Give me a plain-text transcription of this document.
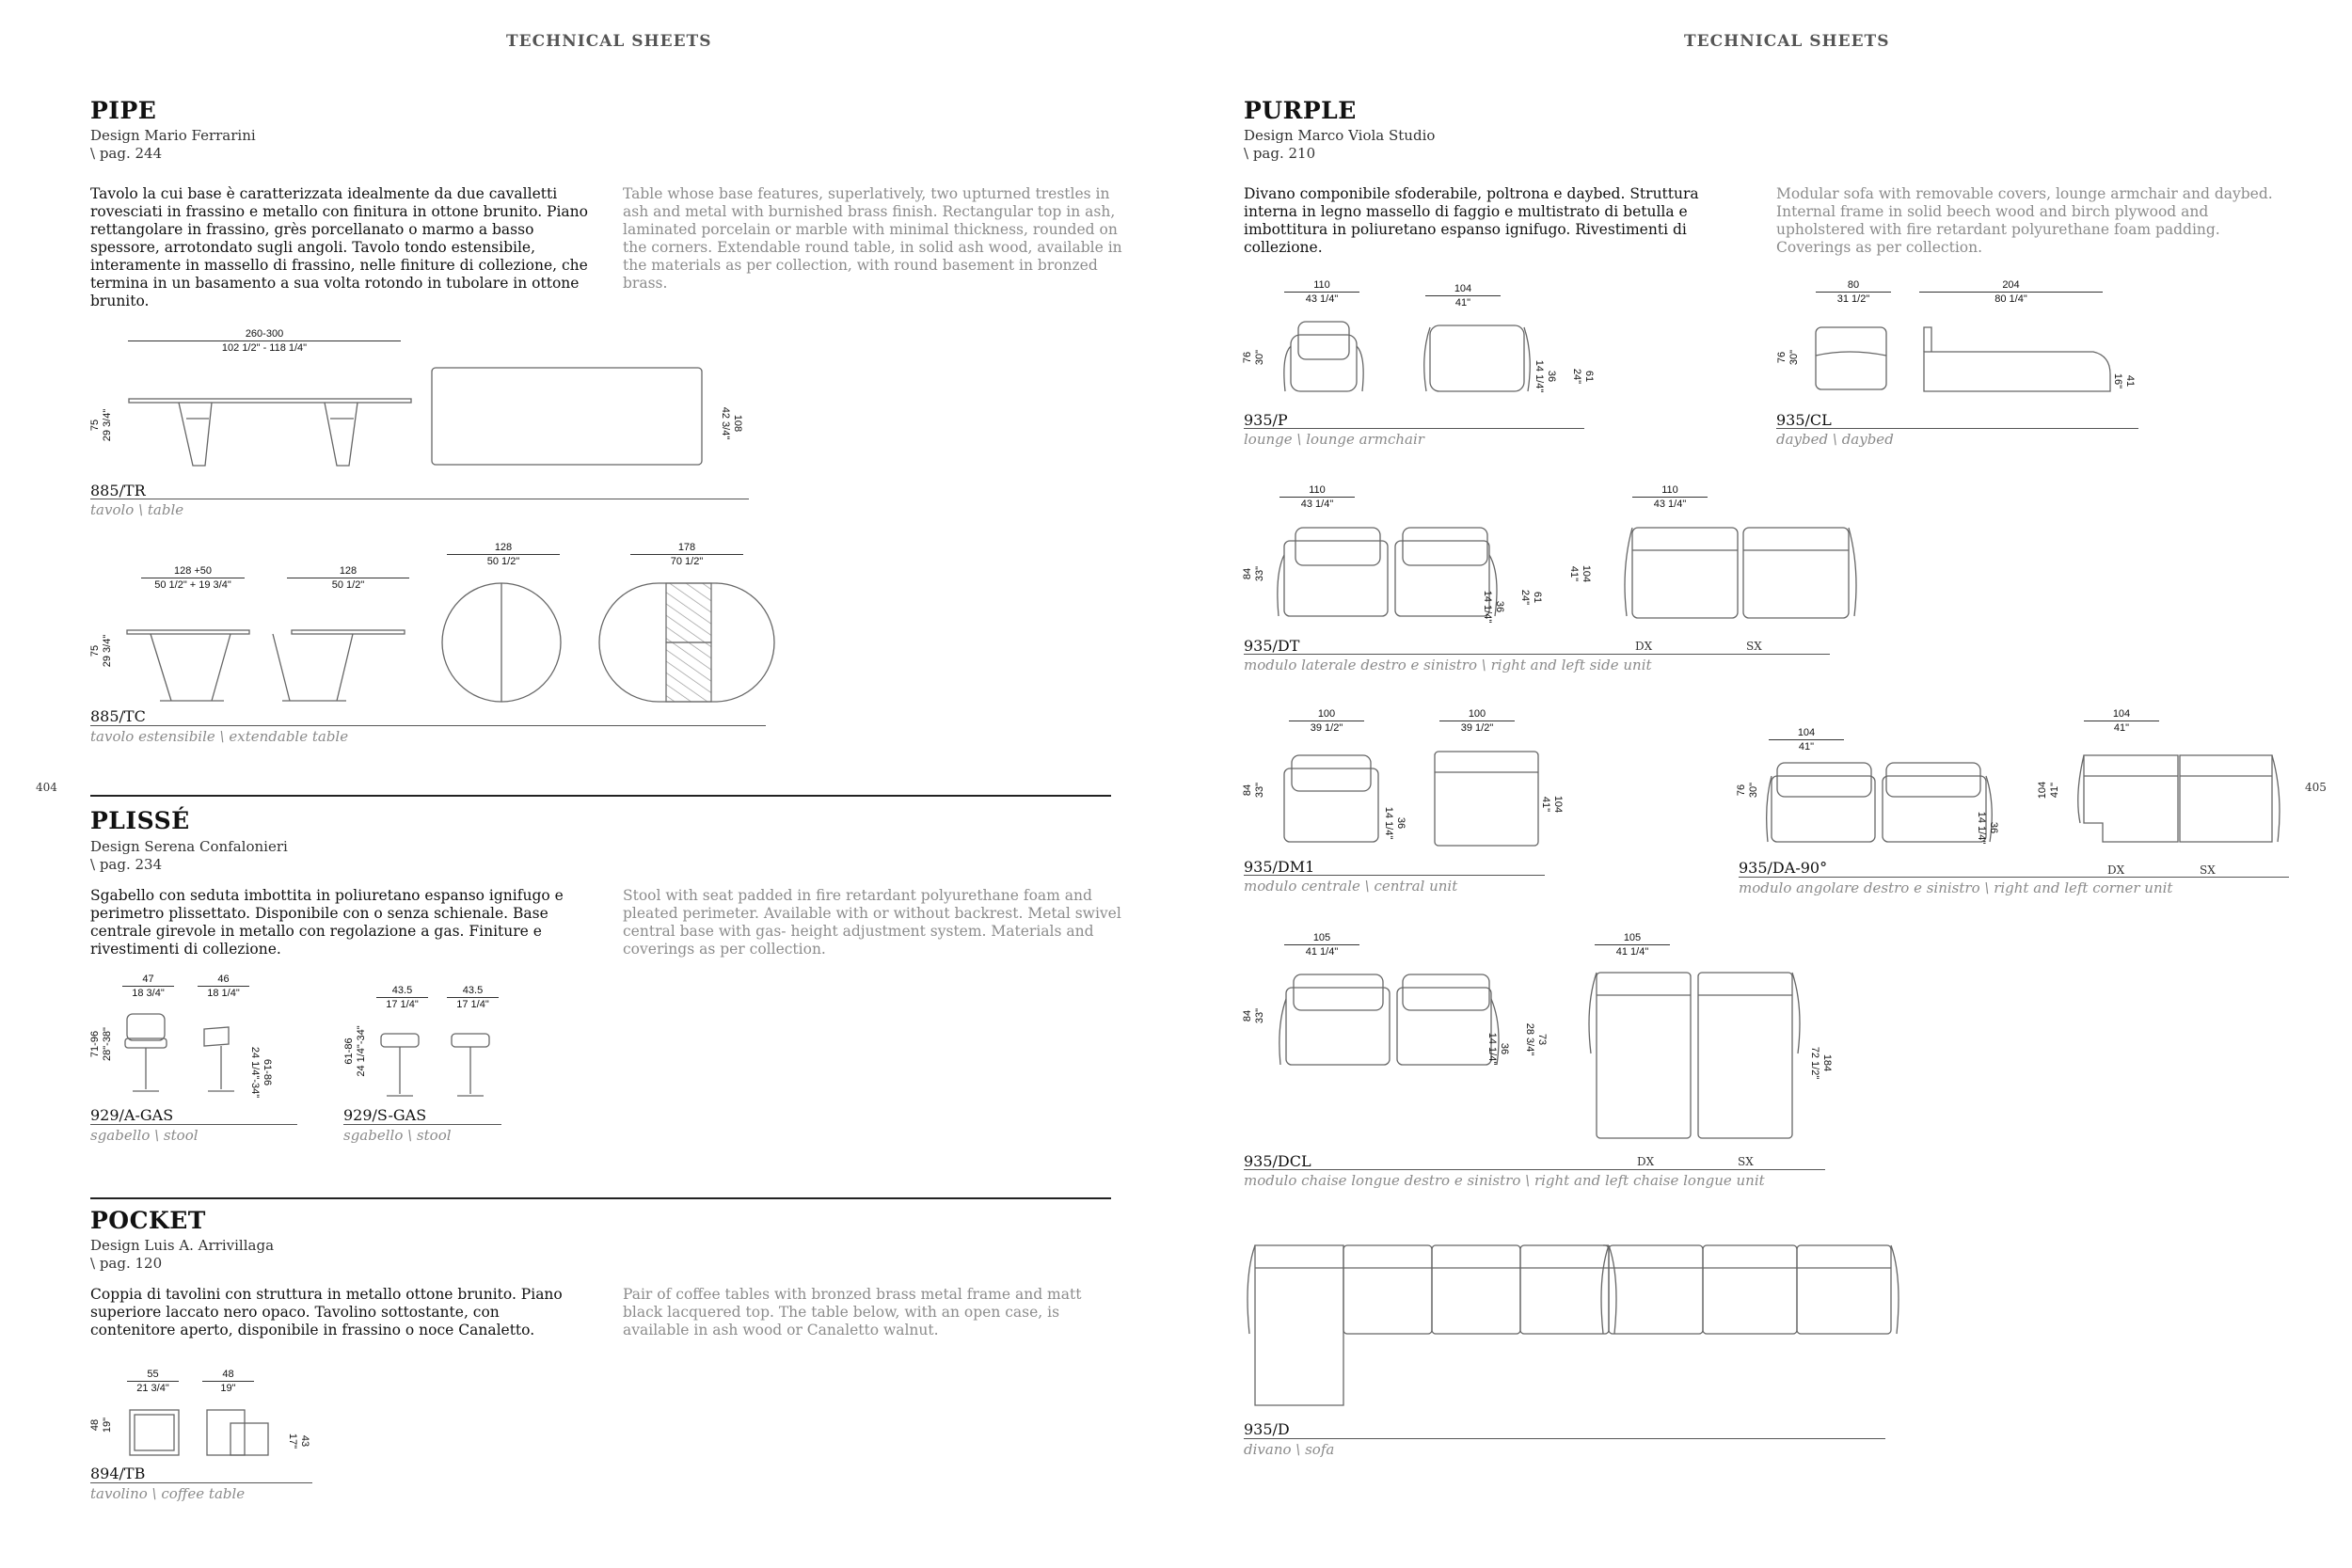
TECHNICAL SHEETS	TECHNICAL SHEETS
404	405
PIPE
Design Mario Ferrarini
\ pag. 244
Tavolo la cui base è caratterizzata idealmente da due cavalletti rovesciati in frassino e metallo con finitura in ottone brunito. Piano rettangolare in frassino, grès porcellanato o marmo a basso spessore, arrotondato sugli angoli. Tavolo tondo estensibile, interamente in massello di frassino, nelle finiture di collezione, che termina in un basamento a sua volta rotondo in tubolare in ottone brunito.
Table whose base features, superlatively, two upturned trestles in ash and metal with burnished brass finish. Rectangular top in ash, laminated porcelain or marble with minimal thickness, rounded on the corners. Extendable round table, in solid ash wood, available in the materials as per collection, with round basement in bronzed brass.
260-300
102 1/2" - 118 1/4"
75
29 3/4"	108
42 3/4"
885/TR
tavolo \ table
128 +50
50 1/2" + 19 3/4"
128
50 1/2"
128
50 1/2"
178
70 1/2"
75
29 3/4"
885/TC
tavolo estensibile \ extendable table
PLISSÉ
Design Serena Confalonieri
\ pag. 234
Sgabello con seduta imbottita in poliuretano espanso ignifugo e perimetro plissettato. Disponibile con o senza schienale. Base centrale girevole in metallo con regolazione a gas. Finiture e rivestimenti di collezione.
Stool with seat padded in fire retardant polyurethane foam and pleated perimeter. Available with or without backrest. Metal swivel central base with gas- height adjustment system. Materials and coverings as per collection.
47
18 3/4"
46
18 1/4"
71-96
28"-38"
61-86
24 1/4"-34"
929/A-GAS
sgabello \ stool
43.5
17 1/4"
43.5
17 1/4"
61-86
24 1/4"-34"
929/S-GAS
sgabello \ stool
POCKET
Design Luis A. Arrivillaga
\ pag. 120
Coppia di tavolini con struttura in metallo ottone brunito. Piano superiore laccato nero opaco. Tavolino sottostante, con contenitore aperto, disponibile in frassino o noce Canaletto.
Pair of coffee tables with bronzed brass metal frame and matt black lacquered top. The table below, with an open case, is available in ash wood or Canaletto walnut.
55
21 3/4"
48
19"
48
19"
43
17"
894/TB
tavolino \ coffee table
PURPLE
Design Marco Viola Studio
\ pag. 210
Divano componibile sfoderabile, poltrona e daybed. Struttura interna in legno massello di faggio e multistrato di betulla e imbottitura in poliuretano espanso ignifugo. Rivestimenti di collezione.
Modular sofa with removable covers, lounge armchair and daybed. Internal frame in solid beech wood and birch plywood and upholstered with fire retardant polyurethane foam padding. Coverings as per collection.
110
43 1/4"
104
41"
76
30"
36
14 1/4"	61
24"
935/P
lounge \ lounge armchair
80
31 1/2"
204
80 1/4"
76
30"
41
16"
935/CL
daybed \ daybed
110
43 1/4"
110
43 1/4"
84
33"
36
14 1/4"	61
24"
104
41"
935/DT	DX	SX
modulo laterale destro e sinistro \ right and left side unit
100
39 1/2"
100
39 1/2"
84
33"
36
14 1/4"
104
41"
935/DM1
modulo centrale \ central unit
104
41"
104
41"
76
30"
36
14 1/4"
104
41"
935/DA-90°	DX	SX
modulo angolare destro e sinistro \ right and left corner unit
105
41 1/4"
105
41 1/4"
84
33"
36
14 1/4"	73
28 3/4"
184
72 1/2"
935/DCL	DX	SX
modulo chaise longue destro e sinistro \ right and left chaise longue unit
935/D
divano \ sofa
